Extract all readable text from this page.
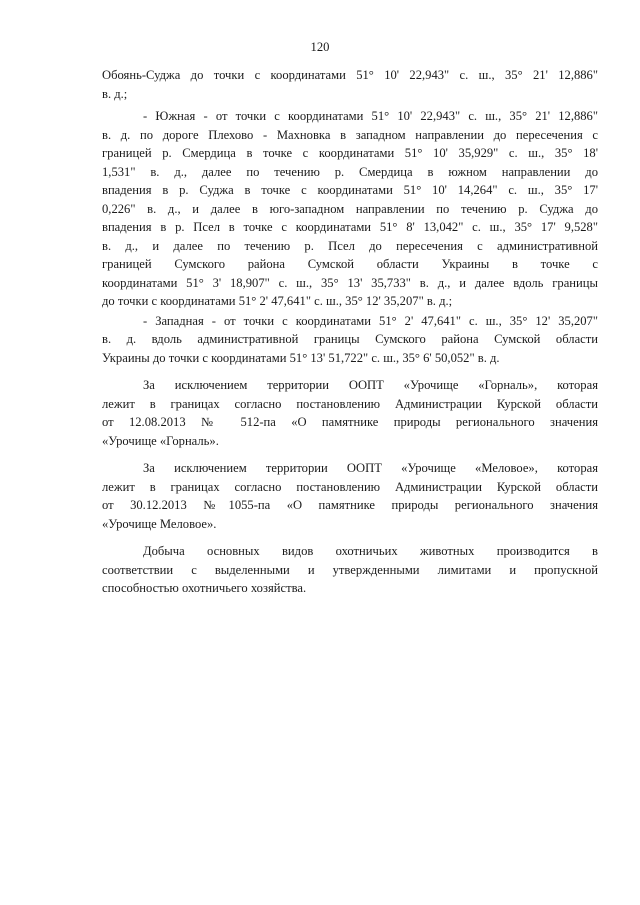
120
Обоянь-Суджа до точки с координатами 51° 10' 22,943" с. ш., 35° 21' 12,886"
в. д.;
- Южная - от точки с координатами 51° 10' 22,943" с. ш., 35° 21' 12,886"
в. д. по дороге Плехово - Махновка в западном направлении до пересечения с
границей р. Смердица в точке с координатами 51° 10' 35,929" с. ш., 35° 18'
1,531" в. д., далее по течению р. Смердица в южном направлении до
впадения в р. Суджа в точке с координатами 51° 10' 14,264" с. ш., 35° 17'
0,226" в. д., и далее в юго-западном направлении по течению р. Суджа до
впадения в р. Псел в точке с координатами 51° 8' 13,042" с. ш., 35° 17' 9,528"
в. д., и далее по течению р. Псел до пересечения с административной
границей Сумского района Сумской области Украины в точке с
координатами 51° 3' 18,907" с. ш., 35° 13' 35,733" в. д., и далее вдоль границы
до точки с координатами 51° 2' 47,641" с. ш., 35° 12' 35,207" в. д.;
- Западная - от точки с координатами 51° 2' 47,641" с. ш., 35° 12' 35,207"
в. д. вдоль административной границы Сумского района Сумской области
Украины до точки с координатами 51° 13' 51,722" с. ш., 35° 6' 50,052" в. д.
За исключением территории ООПТ «Урочище «Горналь», которая
лежит в границах согласно постановлению Администрации Курской области
от 12.08.2013 № 512-па «О памятнике природы регионального значения
«Урочище «Горналь».
За исключением территории ООПТ «Урочище «Меловое», которая
лежит в границах согласно постановлению Администрации Курской области
от 30.12.2013 №1055-па «О памятнике природы регионального значения
«Урочище Меловое».
Добыча основных видов охотничьих животных производится в
соответствии с выделенными и утвержденными лимитами и пропускной
способностью охотничьего хозяйства.
